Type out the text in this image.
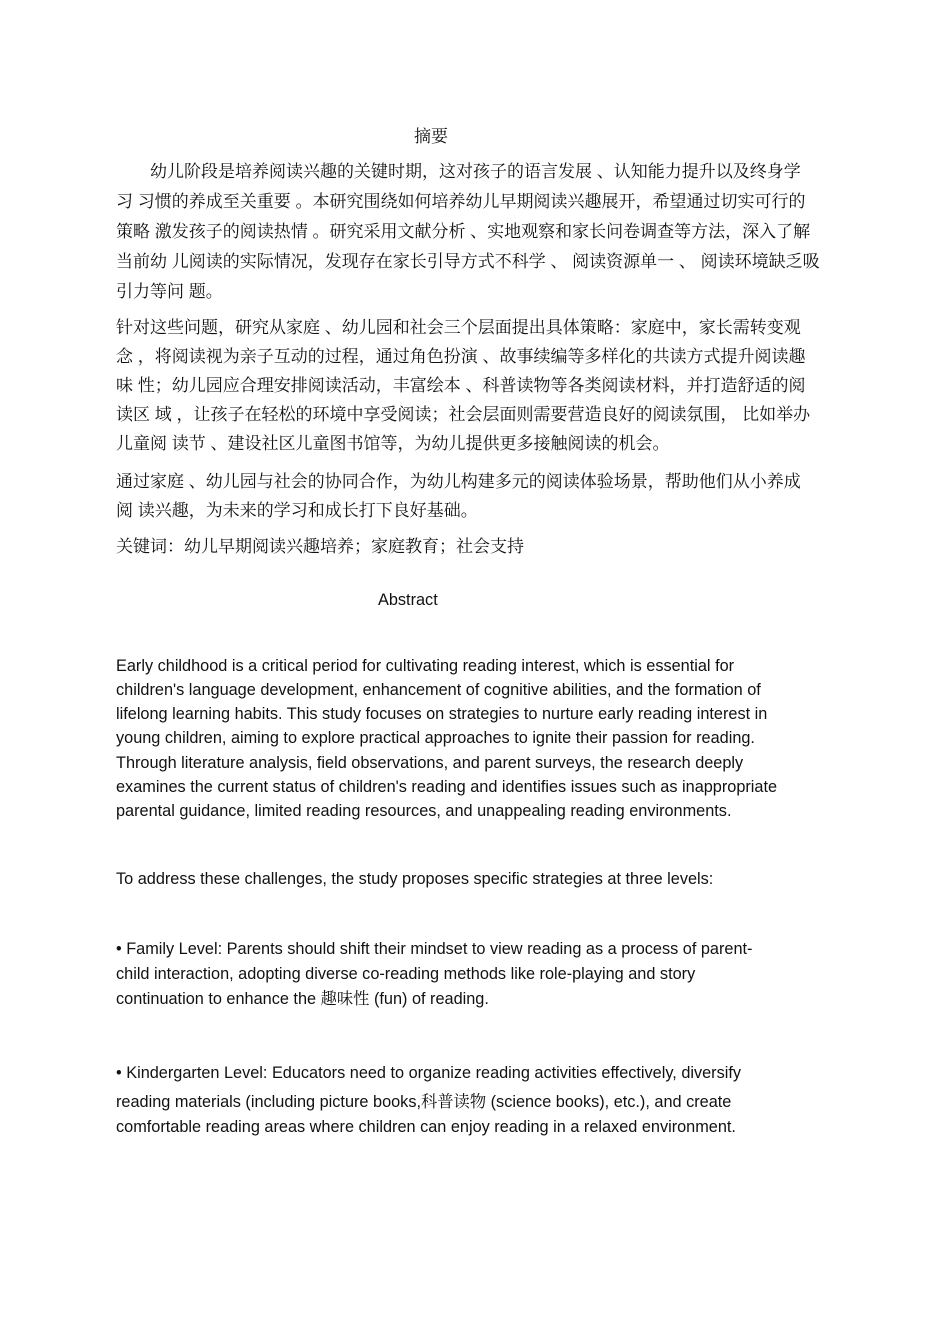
摘要
　　幼儿阶段是培养阅读兴趣的关键时期，这对孩子的语言发展 、认知能力提升以及终身学
习 习惯的养成至关重要 。本研究围绕如何培养幼儿早期阅读兴趣展开，希望通过切实可行的
策略 激发孩子的阅读热情 。研究采用文献分析 、实地观察和家长问卷调查等方法，深入了解
当前幼 儿阅读的实际情况，发现存在家长引导方式不科学 、 阅读资源单一 、 阅读环境缺乏吸
引力等问 题。
针对这些问题，研究从家庭 、幼儿园和社会三个层面提出具体策略：家庭中，家长需转变观
念 ，将阅读视为亲子互动的过程，通过角色扮演 、故事续编等多样化的共读方式提升阅读趣
味 性；幼儿园应合理安排阅读活动，丰富绘本 、科普读物等各类阅读材料，并打造舒适的阅
读区 域 ，让孩子在轻松的环境中享受阅读；社会层面则需要营造良好的阅读氛围， 比如举办
儿童阅 读节 、建设社区儿童图书馆等，为幼儿提供更多接触阅读的机会。
通过家庭 、幼儿园与社会的协同合作，为幼儿构建多元的阅读体验场景，帮助他们从小养成
阅 读兴趣，为未来的学习和成长打下良好基础。
关键词：幼儿早期阅读兴趣培养；家庭教育；社会支持
Abstract
Early childhood is a critical period for cultivating reading interest, which is essential for
children's language development, enhancement of cognitive abilities, and the formation of
lifelong learning habits. This study focuses on strategies to nurture early reading interest in
young children, aiming to explore practical approaches to ignite their passion for reading.
Through literature analysis, field observations, and parent surveys, the research deeply
examines the current status of children's reading and identifies issues such as inappropriate
parental guidance, limited reading resources, and unappealing reading environments.
To address these challenges, the study proposes specific strategies at three levels:
• Family Level: Parents should shift their mindset to view reading as a process of parent-
child interaction, adopting diverse co-reading methods like role-playing and story
continuation to enhance the 趣味性 (fun) of reading.
• Kindergarten Level: Educators need to organize reading activities effectively, diversify
reading materials (including picture books,科普读物 (science books), etc.), and create
comfortable reading areas where children can enjoy reading in a relaxed environment.
